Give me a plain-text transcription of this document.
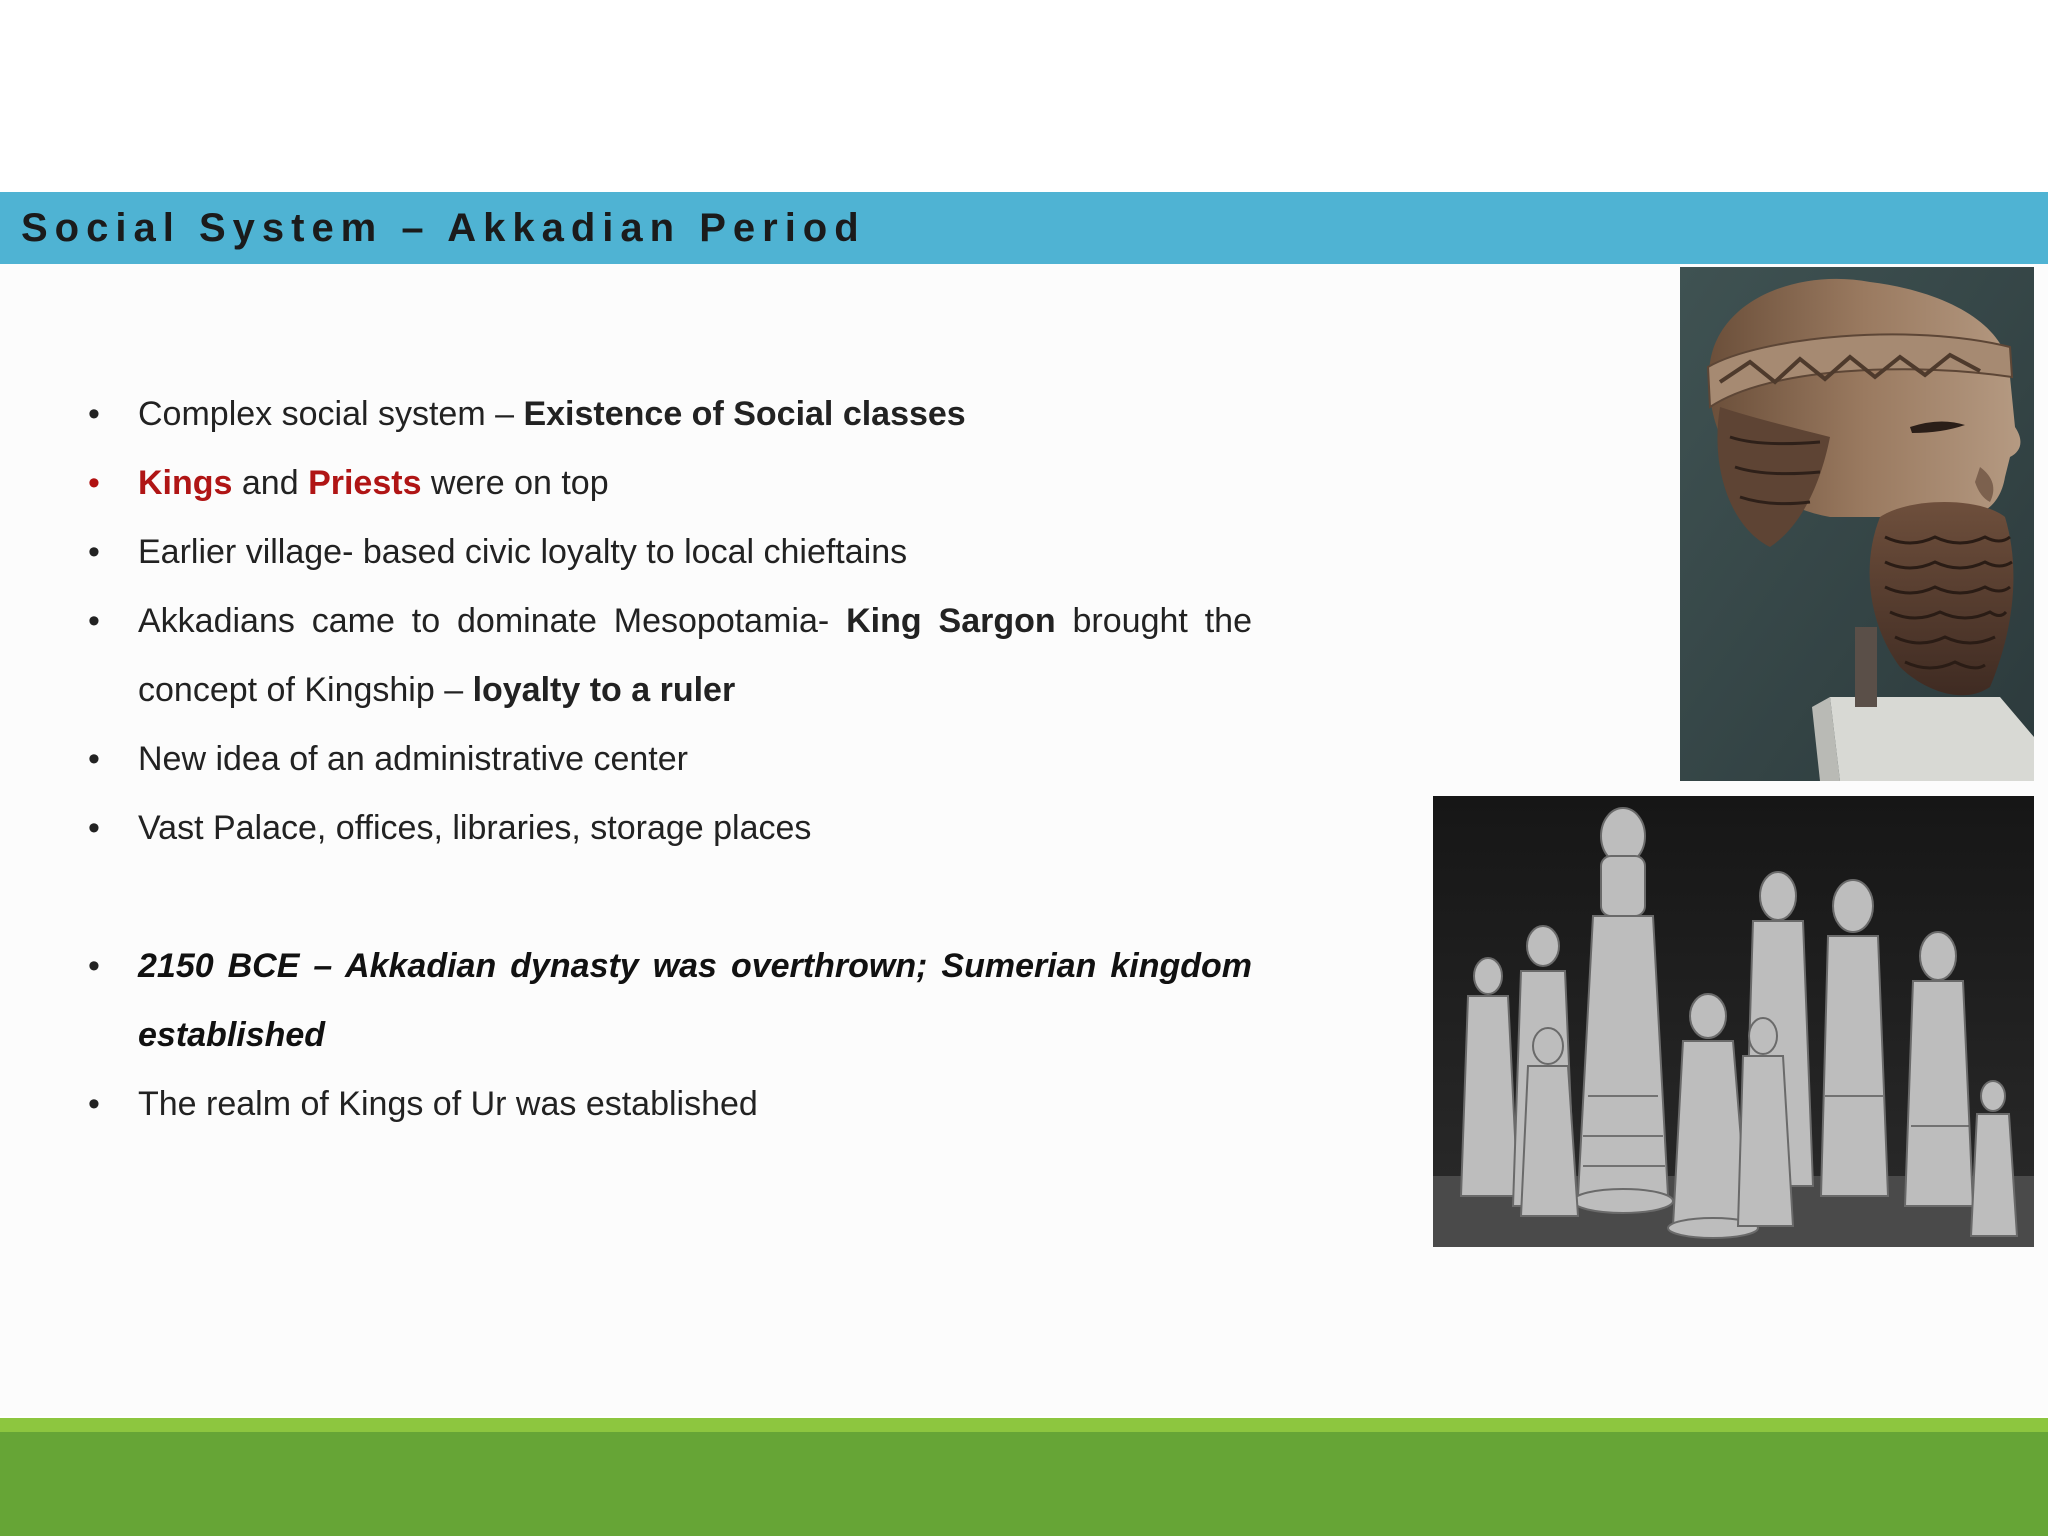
Social System – Akkadian Period
• Complex social system – Existence of Social classes
• Kings and Priests were on top
• Earlier village- based civic loyalty to local chieftains
• Akkadians came to dominate Mesopotamia- King Sargon brought the concept of Kingship – loyalty to a ruler
• New idea of an administrative center
• Vast Palace, offices, libraries, storage places
• 2150 BCE – Akkadian dynasty was overthrown; Sumerian kingdom established
• The realm of Kings of Ur was established
